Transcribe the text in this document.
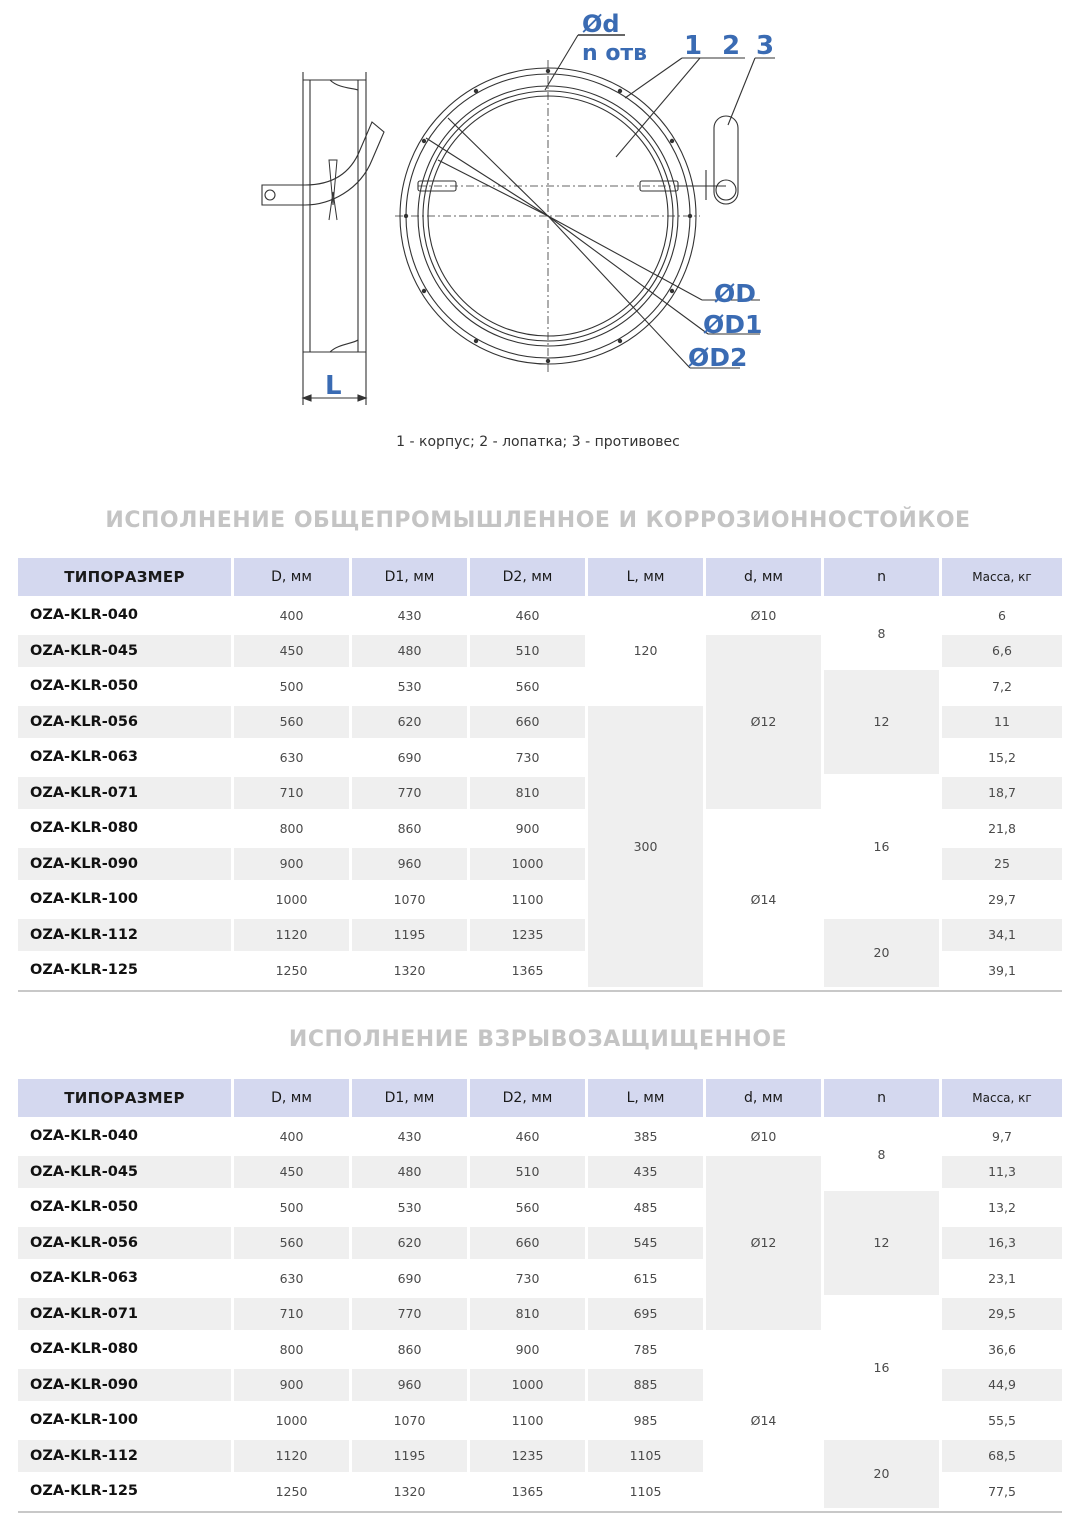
Ød
n отв 1 2 3
ØD
ØD1
ØD2
L
1 - корпус; 2 - лопатка; 3 - противовес
ИСПОЛНЕНИЕ ОБЩЕПРОМЫШЛЕННОЕ И КОРРОЗИОННОСТОЙКОЕ
ТИПОРАЗМЕР	D, мм	D1, мм	D2, мм	L, мм	d, мм	n	Масса, кг
OZA-KLR-040	400	430	460	120	Ø10	8	6
OZA-KLR-045	450	480	510		Ø12		6,6
OZA-KLR-050	500	530	560			12	7,2
OZA-KLR-056	560	620	660	300			11
OZA-KLR-063	630	690	730				15,2
OZA-KLR-071	710	770	810			16	18,7
OZA-KLR-080	800	860	900		Ø14		21,8
OZA-KLR-090	900	960	1000				25
OZA-KLR-100	1000	1070	1100				29,7
OZA-KLR-112	1120	1195	1235			20	34,1
OZA-KLR-125	1250	1320	1365				39,1
ИСПОЛНЕНИЕ ВЗРЫВОЗАЩИЩЕННОЕ
ТИПОРАЗМЕР	D, мм	D1, мм	D2, мм	L, мм	d, мм	n	Масса, кг
OZA-KLR-040	400	430	460	385	Ø10	8	9,7
OZA-KLR-045	450	480	510	435	Ø12		11,3
OZA-KLR-050	500	530	560	485		12	13,2
OZA-KLR-056	560	620	660	545			16,3
OZA-KLR-063	630	690	730	615			23,1
OZA-KLR-071	710	770	810	695		16	29,5
OZA-KLR-080	800	860	900	785	Ø14		36,6
OZA-KLR-090	900	960	1000	885			44,9
OZA-KLR-100	1000	1070	1100	985			55,5
OZA-KLR-112	1120	1195	1235	1105		20	68,5
OZA-KLR-125	1250	1320	1365	1105			77,5
